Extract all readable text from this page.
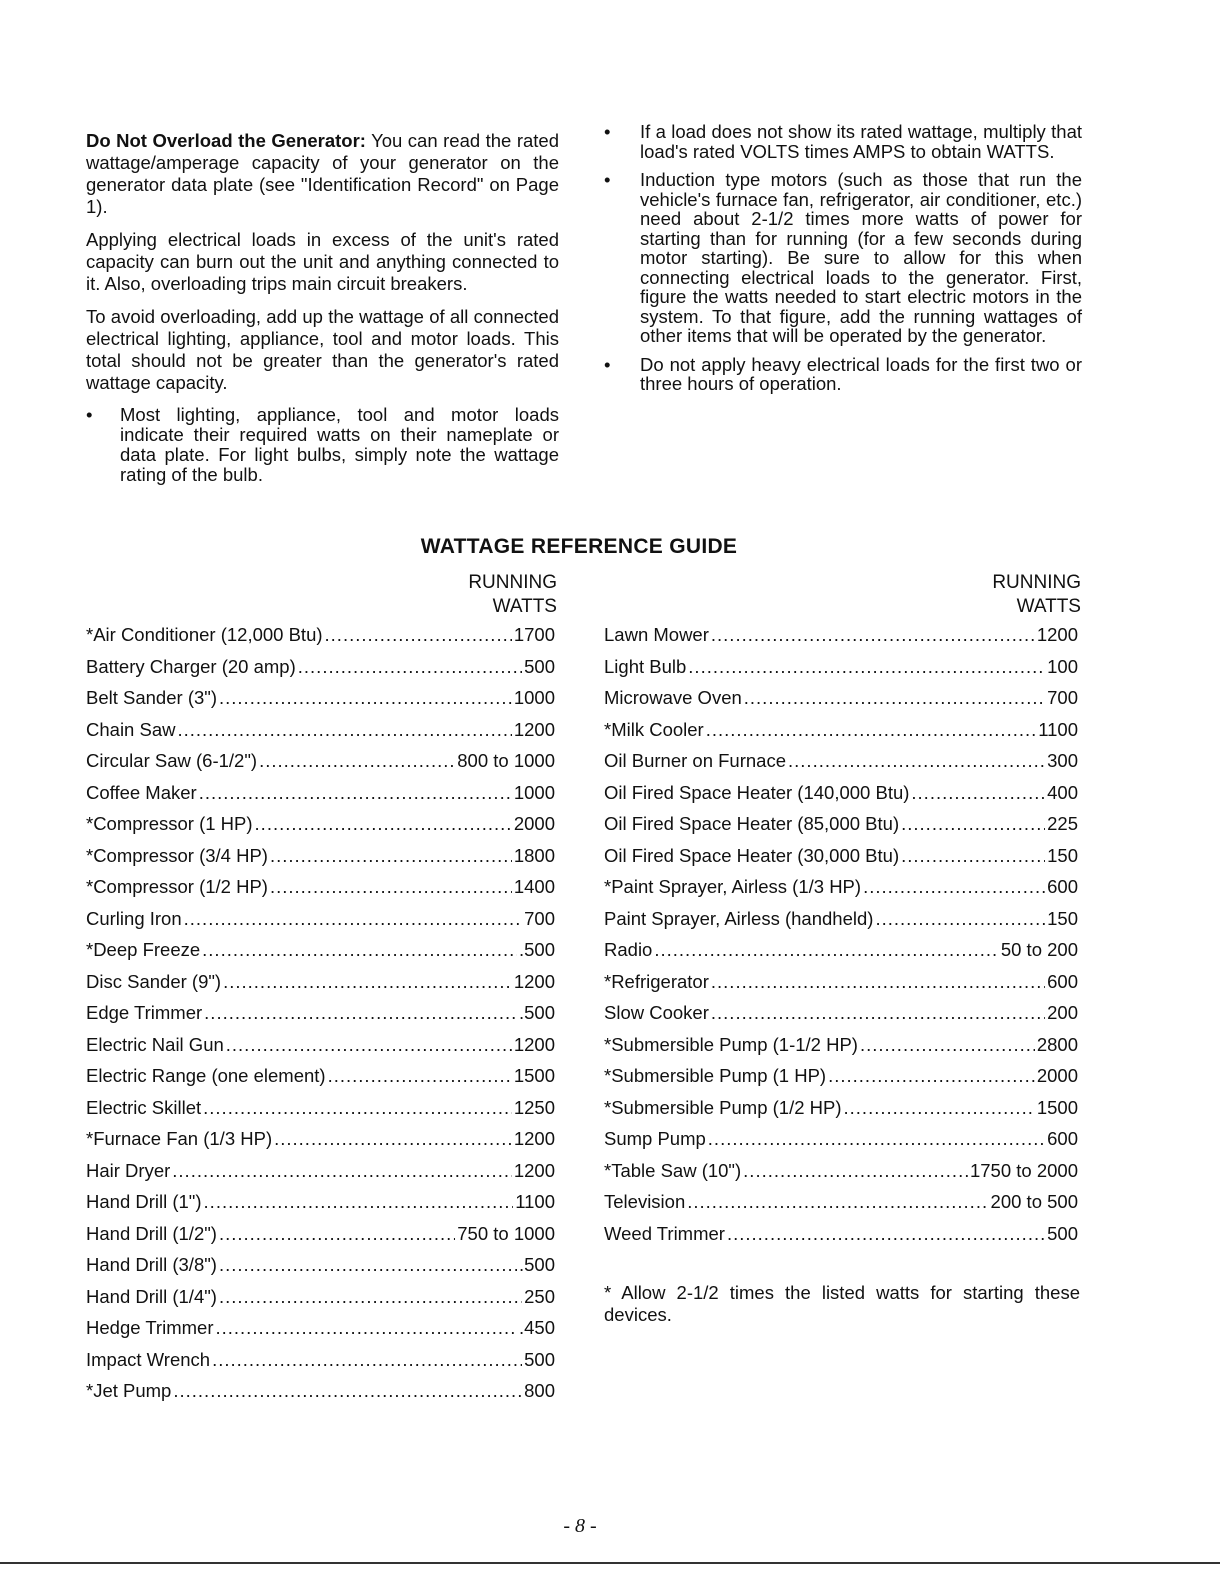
Do Not Overload the Generator: You can read the rated wattage/amperage capacity of your generator on the generator data plate (see "Identification Record" on Page 1).

Applying electrical loads in excess of the unit's rated capacity can burn out the unit and anything connected to it. Also, overloading trips main circuit breakers.

To avoid overloading, add up the wattage of all connected electrical lighting, appliance, tool and motor loads. This total should not be greater than the generator's rated wattage capacity.

• Most lighting, appliance, tool and motor loads indicate their required watts on their nameplate or data plate. For light bulbs, simply note the wattage rating of the bulb.
• If a load does not show its rated wattage, multiply that load's rated VOLTS times AMPS to obtain WATTS.
• Induction type motors (such as those that run the vehicle's furnace fan, refrigerator, air conditioner, etc.) need about 2-1/2 times more watts of power for starting than for running (for a few seconds during motor starting). Be sure to allow for this when connecting electrical loads to the generator. First, figure the watts needed to start electric motors in the system. To that figure, add the running wattages of other items that will be operated by the generator.
• Do not apply heavy electrical loads for the first two or three hours of operation.
WATTAGE REFERENCE GUIDE
RUNNING
WATTS
RUNNING
WATTS
*Air Conditioner (12,000 Btu) .....	1700
Battery Charger (20 amp) .....	500
Belt Sander (3") .....	1000
Chain Saw .....	1200
Circular Saw (6-1/2") .....	800 to 1000
Coffee Maker .....	1000
*Compressor (1 HP) .....	2000
*Compressor (3/4 HP) .....	1800
*Compressor (1/2 HP) .....	1400
Curling Iron .....	700
*Deep Freeze .....	.500
Disc Sander (9") .....	1200
Edge Trimmer .....	.500
Electric Nail Gun .....	1200
Electric Range (one element) .....	1500
Electric Skillet .....	1250
*Furnace Fan (1/3 HP) .....	1200
Hair Dryer .....	1200
Hand Drill (1") .....	1100
Hand Drill (1/2") .....	750 to 1000
Hand Drill (3/8") .....	.500
Hand Drill (1/4") .....	250
Hedge Trimmer .....	.450
Impact Wrench .....	500
*Jet Pump .....	800
Lawn Mower .....	1200
Light Bulb .....	100
Microwave Oven .....	700
*Milk Cooler .....	1100
Oil Burner on Furnace .....	300
Oil Fired Space Heater (140,000 Btu) .....	400
Oil Fired Space Heater (85,000 Btu) .....	225
Oil Fired Space Heater (30,000 Btu) .....	150
*Paint Sprayer, Airless (1/3 HP) .....	600
Paint Sprayer, Airless (handheld) .....	150
Radio .....	50 to 200
*Refrigerator .....	600
Slow Cooker .....	200
*Submersible Pump (1-1/2 HP) .....	2800
*Submersible Pump (1 HP) .....	2000
*Submersible Pump (1/2 HP) .....	1500
Sump Pump .....	600
*Table Saw (10") .....	1750 to 2000
Television .....	200 to 500
Weed Trimmer .....	500
* Allow 2-1/2 times the listed watts for starting these devices.
- 8 -
